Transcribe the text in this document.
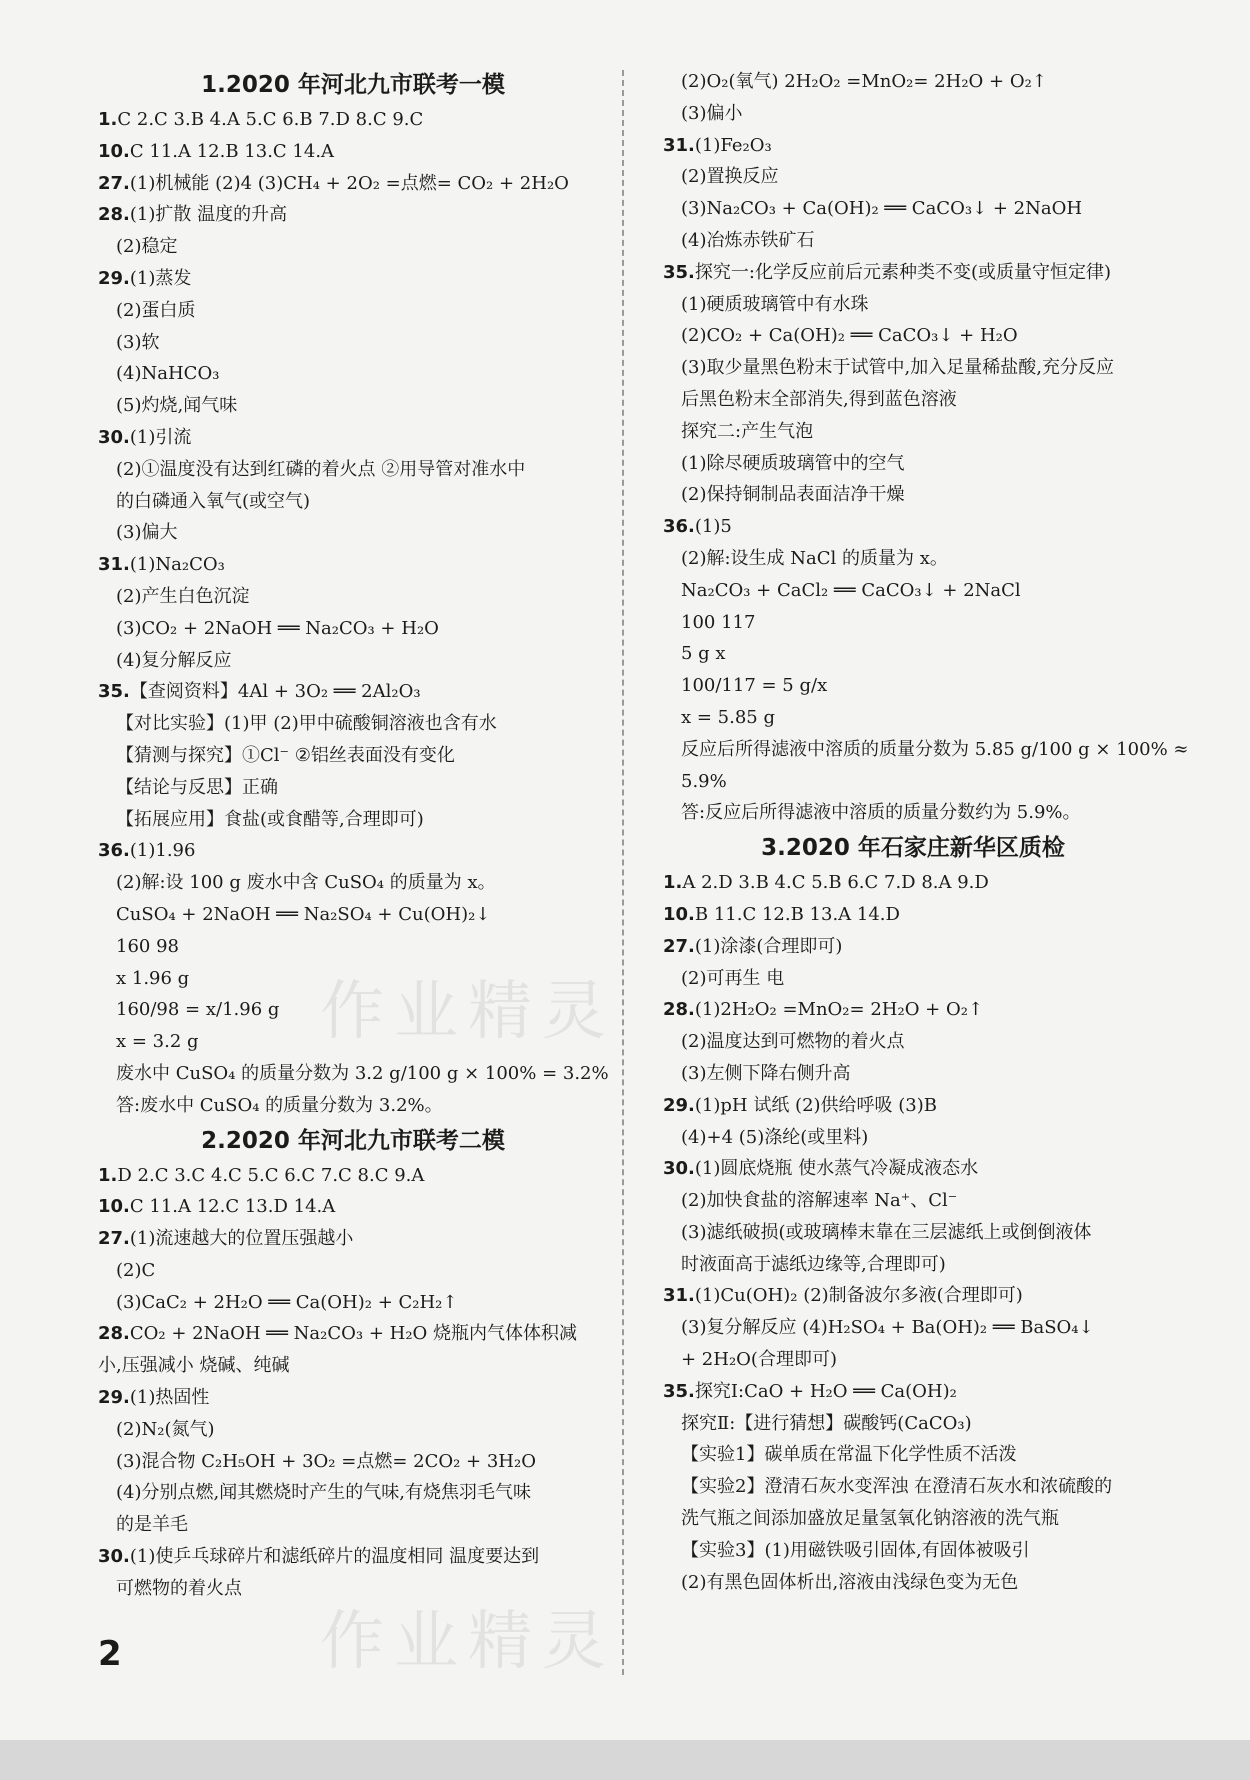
作业精灵
作业精灵
1.2020 年河北九市联考一模
1.C 2.C 3.B 4.A 5.C 6.B 7.D 8.C 9.C
10.C 11.A 12.B 13.C 14.A
27.(1)机械能 (2)4 (3)CH₄ + 2O₂ =点燃= CO₂ + 2H₂O
28.(1)扩散 温度的升高
(2)稳定
29.(1)蒸发
(2)蛋白质
(3)软
(4)NaHCO₃
(5)灼烧,闻气味
30.(1)引流
(2)①温度没有达到红磷的着火点 ②用导管对准水中
的白磷通入氧气(或空气)
(3)偏大
31.(1)Na₂CO₃
(2)产生白色沉淀
(3)CO₂ + 2NaOH ══ Na₂CO₃ + H₂O
(4)复分解反应
35.【查阅资料】4Al + 3O₂ ══ 2Al₂O₃
【对比实验】(1)甲 (2)甲中硫酸铜溶液也含有水
【猜测与探究】①Cl⁻ ②铝丝表面没有变化
【结论与反思】正确
【拓展应用】食盐(或食醋等,合理即可)
36.(1)1.96
(2)解:设 100 g 废水中含 CuSO₄ 的质量为 x。
CuSO₄ + 2NaOH ══ Na₂SO₄ + Cu(OH)₂↓
160 98
x 1.96 g
160/98 = x/1.96 g
x = 3.2 g
废水中 CuSO₄ 的质量分数为 3.2 g/100 g × 100% = 3.2%
答:废水中 CuSO₄ 的质量分数为 3.2%。
2.2020 年河北九市联考二模
1.D 2.C 3.C 4.C 5.C 6.C 7.C 8.C 9.A
10.C 11.A 12.C 13.D 14.A
27.(1)流速越大的位置压强越小
(2)C
(3)CaC₂ + 2H₂O ══ Ca(OH)₂ + C₂H₂↑
28.CO₂ + 2NaOH ══ Na₂CO₃ + H₂O 烧瓶内气体体积减
小,压强减小 烧碱、纯碱
29.(1)热固性
(2)N₂(氮气)
(3)混合物 C₂H₅OH + 3O₂ =点燃= 2CO₂ + 3H₂O
(4)分别点燃,闻其燃烧时产生的气味,有烧焦羽毛气味
的是羊毛
30.(1)使乒乓球碎片和滤纸碎片的温度相同 温度要达到
可燃物的着火点
(2)O₂(氧气) 2H₂O₂ =MnO₂= 2H₂O + O₂↑
(3)偏小
31.(1)Fe₂O₃
(2)置换反应
(3)Na₂CO₃ + Ca(OH)₂ ══ CaCO₃↓ + 2NaOH
(4)冶炼赤铁矿石
35.探究一:化学反应前后元素种类不变(或质量守恒定律)
(1)硬质玻璃管中有水珠
(2)CO₂ + Ca(OH)₂ ══ CaCO₃↓ + H₂O
(3)取少量黑色粉末于试管中,加入足量稀盐酸,充分反应
后黑色粉末全部消失,得到蓝色溶液
探究二:产生气泡
(1)除尽硬质玻璃管中的空气
(2)保持铜制品表面洁净干燥
36.(1)5
(2)解:设生成 NaCl 的质量为 x。
Na₂CO₃ + CaCl₂ ══ CaCO₃↓ + 2NaCl
100 117
5 g x
100/117 = 5 g/x
x = 5.85 g
反应后所得滤液中溶质的质量分数为 5.85 g/100 g × 100% ≈
5.9%
答:反应后所得滤液中溶质的质量分数约为 5.9%。
3.2020 年石家庄新华区质检
1.A 2.D 3.B 4.C 5.B 6.C 7.D 8.A 9.D
10.B 11.C 12.B 13.A 14.D
27.(1)涂漆(合理即可)
(2)可再生 电
28.(1)2H₂O₂ =MnO₂= 2H₂O + O₂↑
(2)温度达到可燃物的着火点
(3)左侧下降右侧升高
29.(1)pH 试纸 (2)供给呼吸 (3)B
(4)+4 (5)涤纶(或里料)
30.(1)圆底烧瓶 使水蒸气冷凝成液态水
(2)加快食盐的溶解速率 Na⁺、Cl⁻
(3)滤纸破损(或玻璃棒末靠在三层滤纸上或倒倒液体
时液面高于滤纸边缘等,合理即可)
31.(1)Cu(OH)₂ (2)制备波尔多液(合理即可)
(3)复分解反应 (4)H₂SO₄ + Ba(OH)₂ ══ BaSO₄↓
+ 2H₂O(合理即可)
35.探究Ⅰ:CaO + H₂O ══ Ca(OH)₂
探究Ⅱ:【进行猜想】碳酸钙(CaCO₃)
【实验1】碳单质在常温下化学性质不活泼
【实验2】澄清石灰水变浑浊 在澄清石灰水和浓硫酸的
洗气瓶之间添加盛放足量氢氧化钠溶液的洗气瓶
【实验3】(1)用磁铁吸引固体,有固体被吸引
(2)有黑色固体析出,溶液由浅绿色变为无色
2
